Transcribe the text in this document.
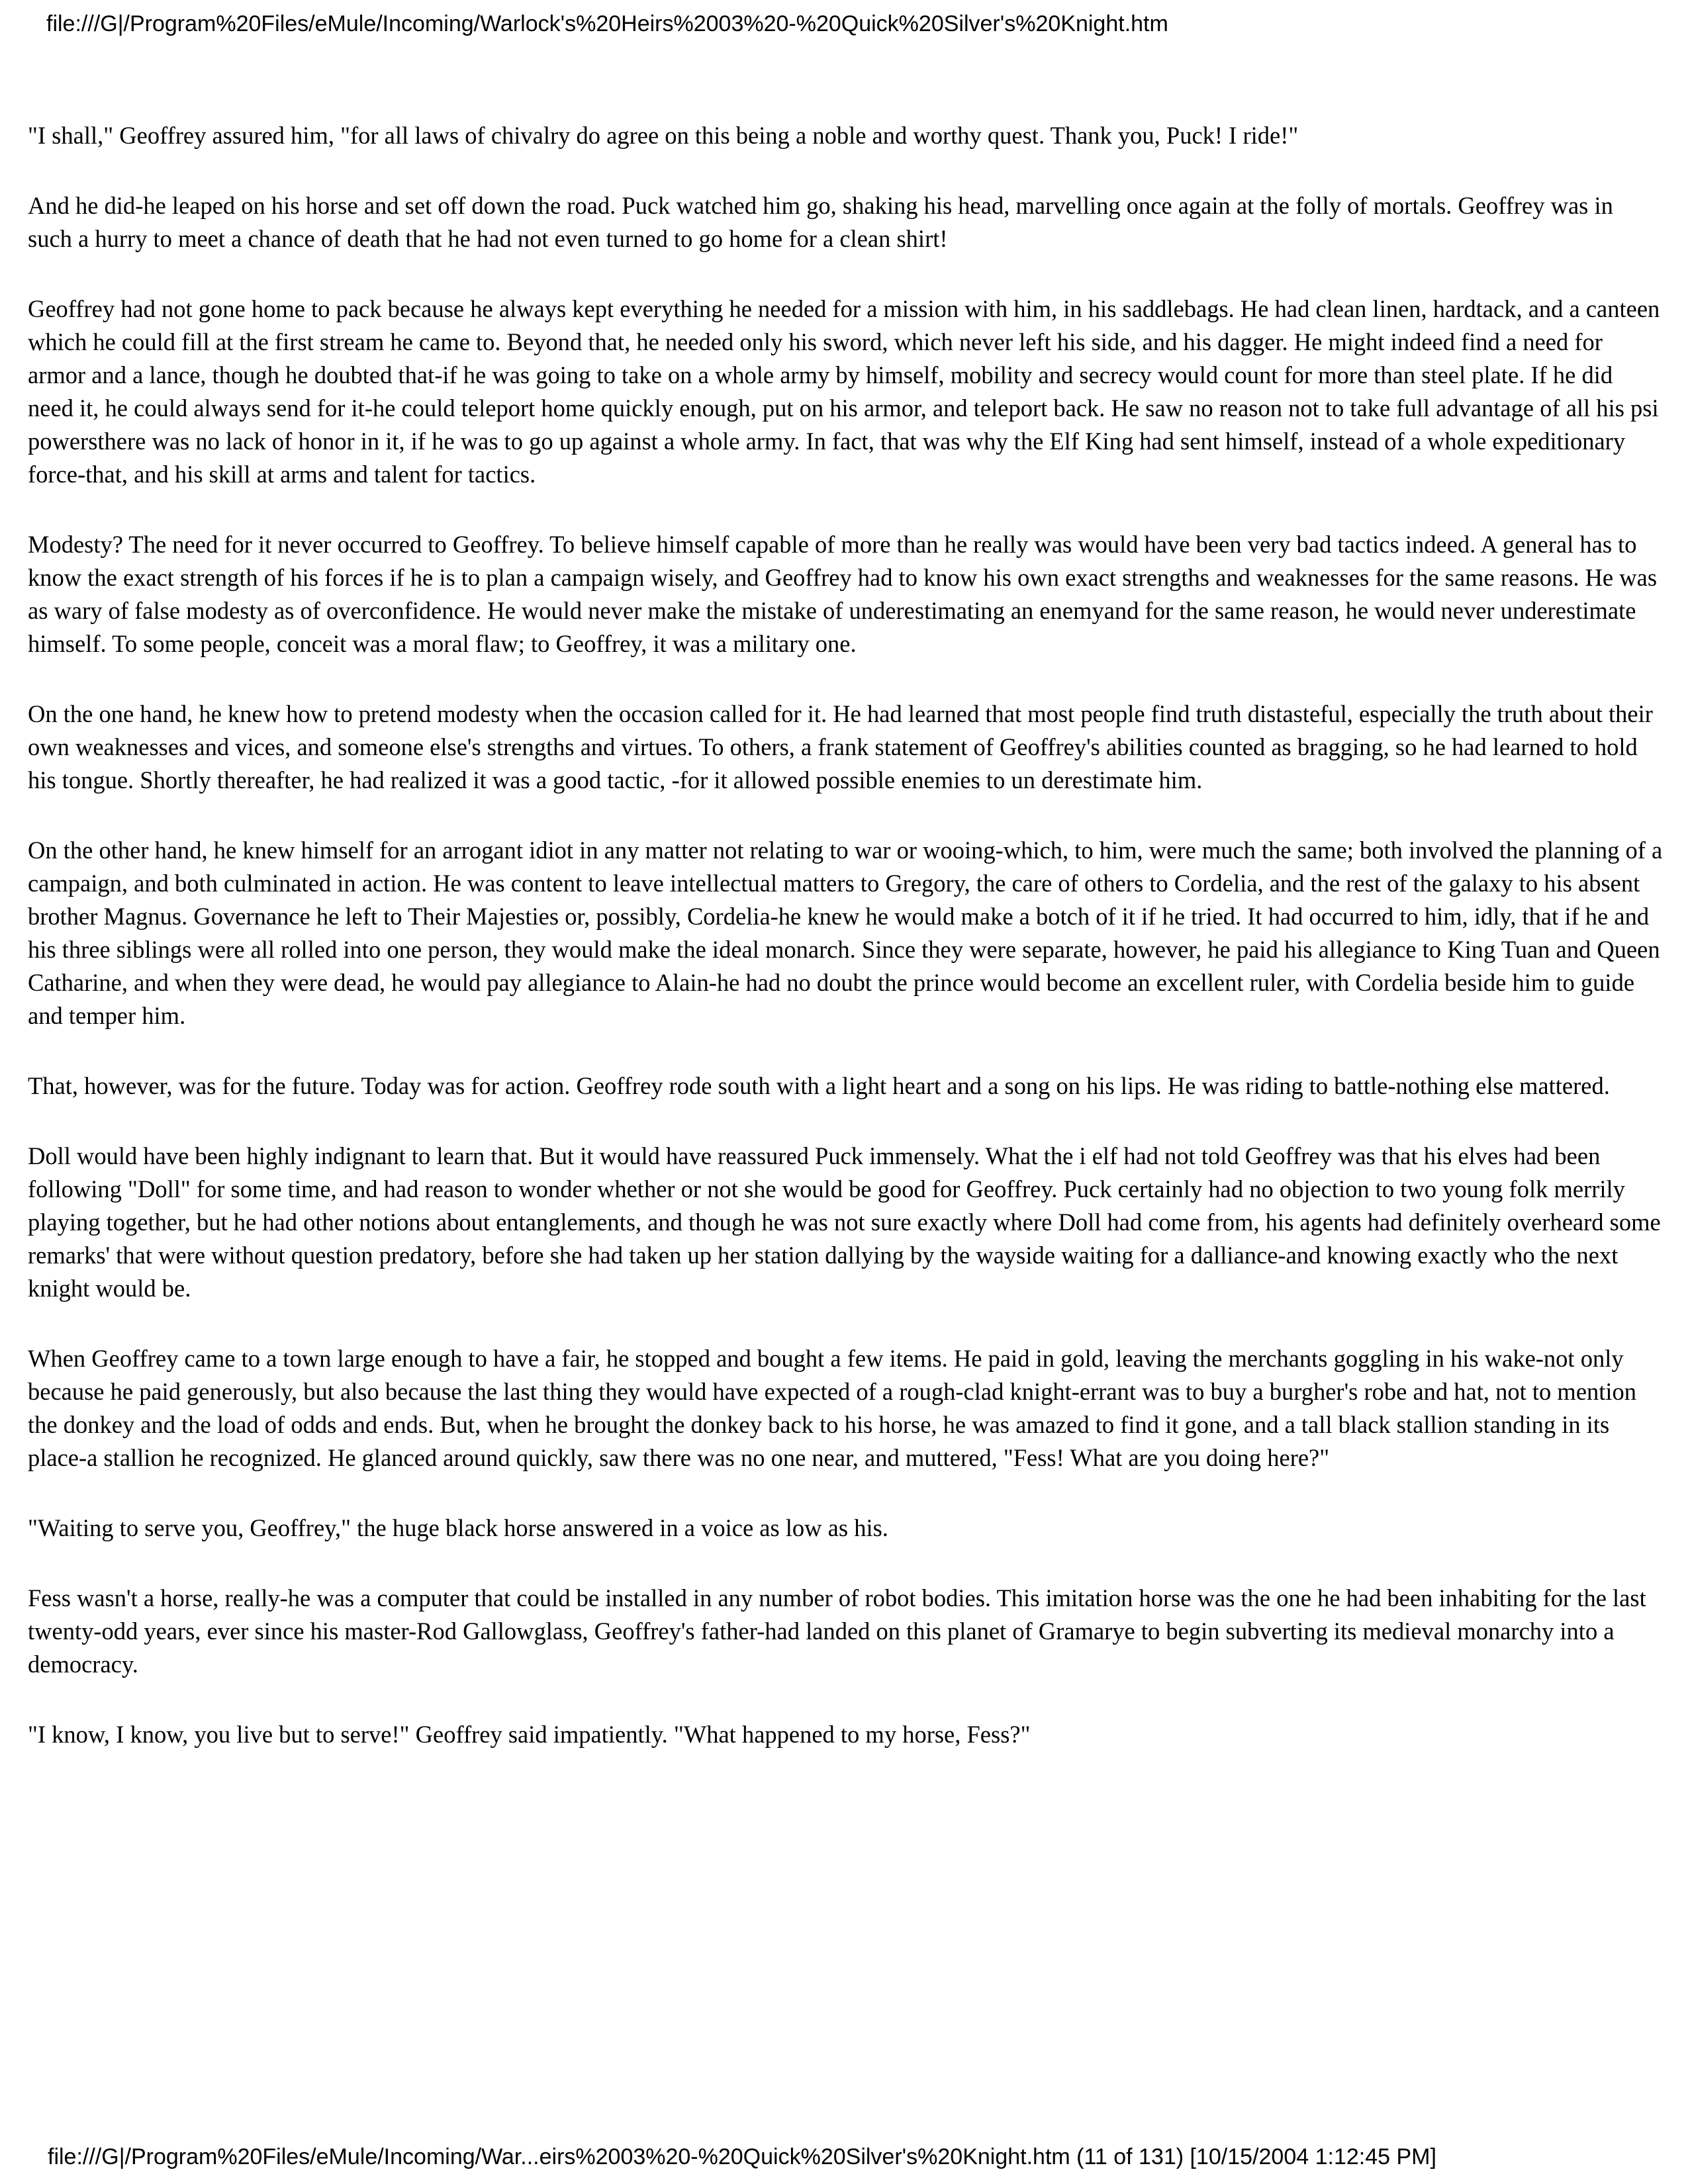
file:///G|/Program%20Files/eMule/Incoming/Warlock's%20Heirs%2003%20-%20Quick%20Silver's%20Knight.htm

"I shall," Geoffrey assured him, "for all laws of chivalry do agree on this being a noble and worthy quest. Thank you, Puck! I ride!"

And he did-he leaped on his horse and set off down the road. Puck watched him go, shaking his head, marvelling once again at the folly of mortals. Geoffrey was in such a hurry to meet a chance of death that he had not even turned to go home for a clean shirt!

Geoffrey had not gone home to pack because he always kept everything he needed for a mission with him, in his saddlebags. He had clean linen, hardtack, and a canteen which he could fill at the first stream he came to. Beyond that, he needed only his sword, which never left his side, and his dagger. He might indeed find a need for armor and a lance, though he doubted that-if he was going to take on a whole army by himself, mobility and secrecy would count for more than steel plate. If he did need it, he could always send for it-he could teleport home quickly enough, put on his armor, and teleport back. He saw no reason not to take full advantage of all his psi powersthere was no lack of honor in it, if he was to go up against a whole army. In fact, that was why the Elf King had sent himself, instead of a whole expeditionary force-that, and his skill at arms and talent for tactics.

Modesty? The need for it never occurred to Geoffrey. To believe himself capable of more than he really was would have been very bad tactics indeed. A general has to know the exact strength of his forces if he is to plan a campaign wisely, and Geoffrey had to know his own exact strengths and weaknesses for the same reasons. He was as wary of false modesty as of overconfidence. He would never make the mistake of underestimating an enemyand for the same reason, he would never underestimate himself. To some people, conceit was a moral flaw; to Geoffrey, it was a military one.

On the one hand, he knew how to pretend modesty when the occasion called for it. He had learned that most people find truth distasteful, especially the truth about their own weaknesses and vices, and someone else's strengths and virtues. To others, a frank statement of Geoffrey's abilities counted as bragging, so he had learned to hold his tongue. Shortly thereafter, he had realized it was a good tactic, -for it allowed possible enemies to un derestimate him.

On the other hand, he knew himself for an arrogant idiot in any matter not relating to war or wooing-which, to him, were much the same; both involved the planning of a campaign, and both culminated in action. He was content to leave intellectual matters to Gregory, the care of others to Cordelia, and the rest of the galaxy to his absent brother Magnus. Governance he left to Their Majesties or, possibly, Cordelia-he knew he would make a botch of it if he tried. It had occurred to him, idly, that if he and his three siblings were all rolled into one person, they would make the ideal monarch. Since they were separate, however, he paid his allegiance to King Tuan and Queen Catharine, and when they were dead, he would pay allegiance to Alain-he had no doubt the prince would become an excellent ruler, with Cordelia beside him to guide and temper him.

That, however, was for the future. Today was for action. Geoffrey rode south with a light heart and a song on his lips. He was riding to battle-nothing else mattered.

Doll would have been highly indignant to learn that. But it would have reassured Puck immensely. What the i elf had not told Geoffrey was that his elves had been following "Doll" for some time, and had reason to wonder whether or not she would be good for Geoffrey. Puck certainly had no objection to two young folk merrily playing together, but he had other notions about entanglements, and though he was not sure exactly where Doll had come from, his agents had definitely overheard some remarks' that were without question predatory, before she had taken up her station dallying by the wayside waiting for a dalliance-and knowing exactly who the next knight would be.

When Geoffrey came to a town large enough to have a fair, he stopped and bought a few items. He paid in gold, leaving the merchants goggling in his wake-not only because he paid generously, but also because the last thing they would have expected of a rough-clad knight-errant was to buy a burgher's robe and hat, not to mention the donkey and the load of odds and ends. But, when he brought the donkey back to his horse, he was amazed to find it gone, and a tall black stallion standing in its place-a stallion he recognized. He glanced around quickly, saw there was no one near, and muttered, "Fess! What are you doing here?"

"Waiting to serve you, Geoffrey," the huge black horse answered in a voice as low as his.

Fess wasn't a horse, really-he was a computer that could be installed in any number of robot bodies. This imitation horse was the one he had been inhabiting for the last twenty-odd years, ever since his master-Rod Gallowglass, Geoffrey's father-had landed on this planet of Gramarye to begin subverting its medieval monarchy into a democracy.

"I know, I know, you live but to serve!" Geoffrey said impatiently. "What happened to my horse, Fess?"

file:///G|/Program%20Files/eMule/Incoming/War...eirs%2003%20-%20Quick%20Silver's%20Knight.htm (11 of 131) [10/15/2004 1:12:45 PM]
